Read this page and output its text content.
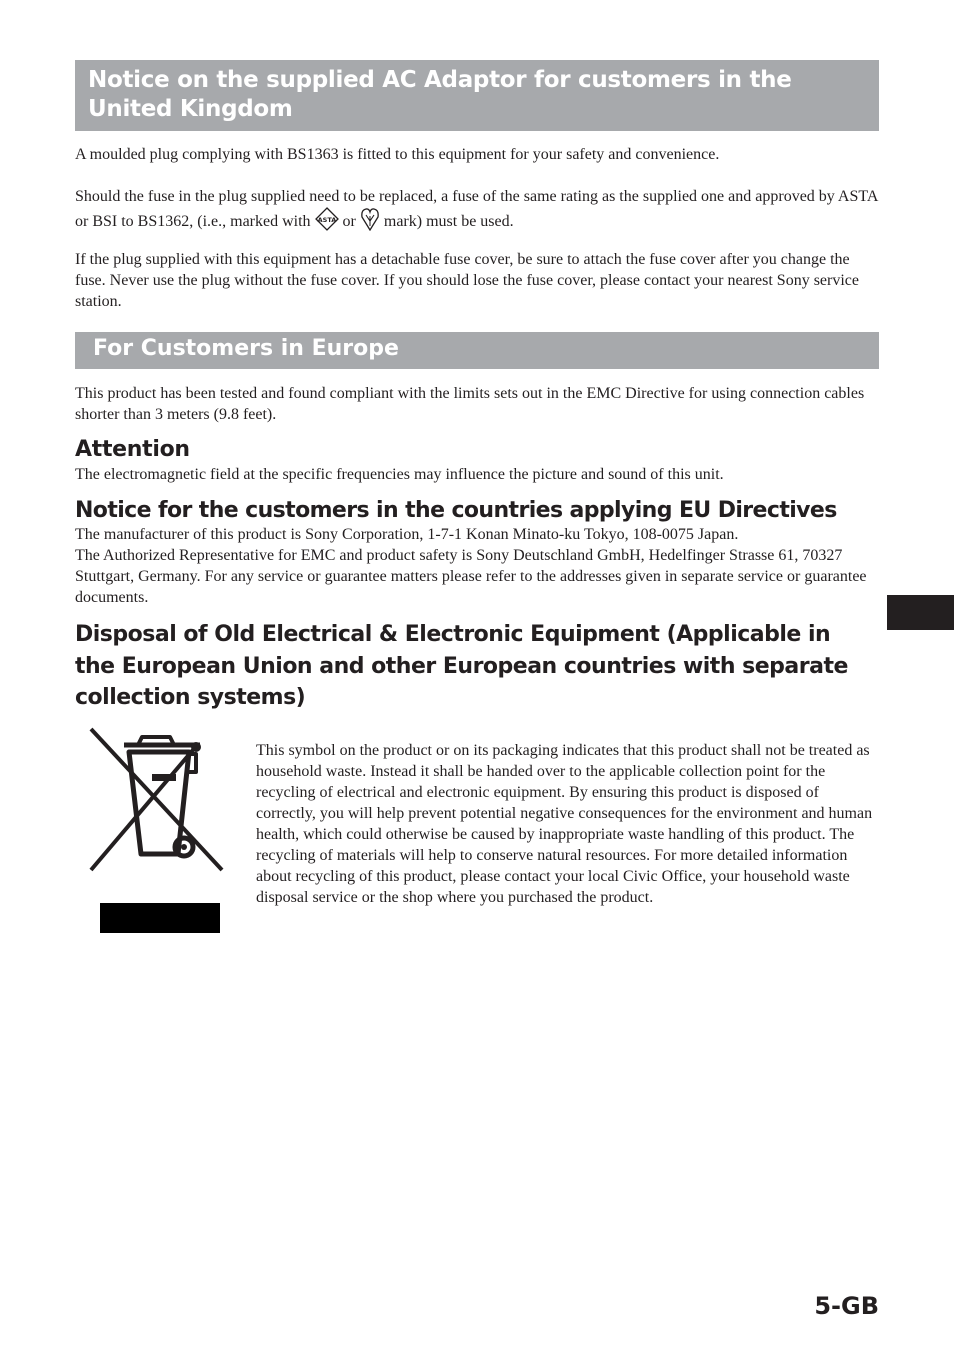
Notice on the supplied AC Adaptor for customers in the United Kingdom

A moulded plug complying with BS1363 is fitted to this equipment for your safety and convenience.

Should the fuse in the plug supplied need to be replaced, a fuse of the same rating as the supplied one and approved by ASTA or BSI to BS1362, (i.e., marked with ASTA or  mark) must be used.

If the plug supplied with this equipment has a detachable fuse cover, be sure to attach the fuse cover after you change the fuse. Never use the plug without the fuse cover. If you should lose the fuse cover, please contact your nearest Sony service station.

For Customers in Europe

This product has been tested and found compliant with the limits sets out in the EMC Directive for using connection cables shorter than 3 meters (9.8 feet).

Attention

The electromagnetic field at the specific frequencies may influence the picture and sound of this unit.

Notice for the customers in the countries applying EU Directives

The manufacturer of this product is Sony Corporation, 1-7-1 Konan Minato-ku Tokyo, 108-0075 Japan.

The Authorized Representative for EMC and product safety is Sony Deutschland GmbH, Hedelfinger Strasse 61, 70327 Stuttgart, Germany. For any service or guarantee matters please refer to the addresses given in separate service or guarantee documents.

Disposal of Old Electrical & Electronic Equipment (Applicable in the European Union and other European countries with separate collection systems)

This symbol on the product or on its packaging indicates that this product shall not be treated as household waste. Instead it shall be handed over to the applicable collection point for the recycling of electrical and electronic equipment. By ensuring this product is disposed of correctly, you will help prevent potential negative consequences for the environment and human health, which could otherwise be caused by inappropriate waste handling of this product. The recycling of materials will help to conserve natural resources. For more detailed information about recycling of this product, please contact your local Civic Office, your household waste disposal service or the shop where you purchased the product.

5-GB
